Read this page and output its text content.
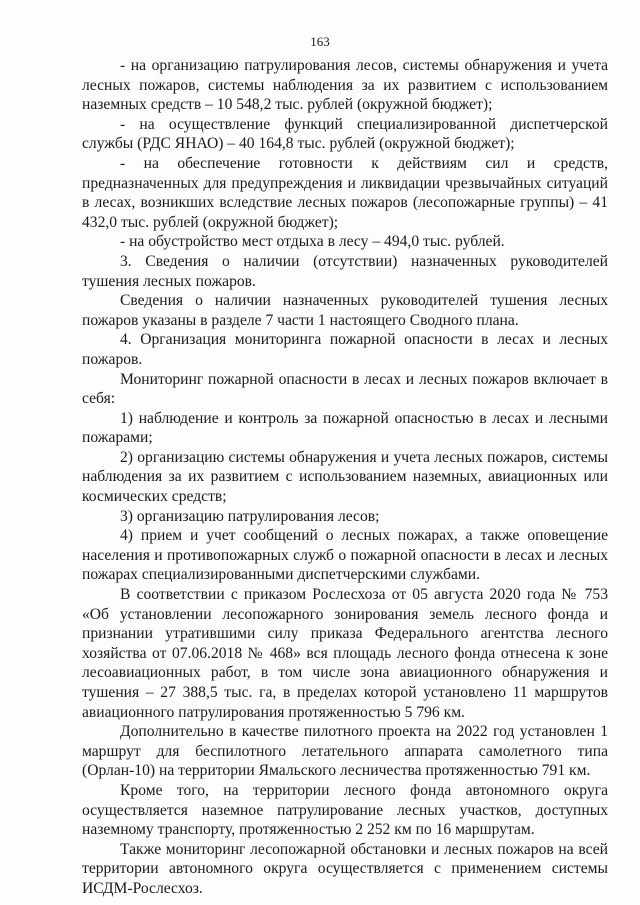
163

- на организацию патрулирования лесов, системы обнаружения и учета лесных пожаров, системы наблюдения за их развитием с использованием наземных средств – 10 548,2 тыс. рублей (окружной бюджет);

- на осуществление функций специализированной диспетчерской службы (РДС ЯНАО) – 40 164,8 тыс. рублей (окружной бюджет);

- на обеспечение готовности к действиям сил и средств, предназначенных для предупреждения и ликвидации чрезвычайных ситуаций в лесах, возникших вследствие лесных пожаров (лесопожарные группы) – 41 432,0 тыс. рублей (окружной бюджет);

- на обустройство мест отдыха в лесу – 494,0 тыс. рублей.

3. Сведения о наличии (отсутствии) назначенных руководителей тушения лесных пожаров.

Сведения о наличии назначенных руководителей тушения лесных пожаров указаны в разделе 7 части 1 настоящего Сводного плана.

4. Организация мониторинга пожарной опасности в лесах и лесных пожаров.

Мониторинг пожарной опасности в лесах и лесных пожаров включает в себя:

1) наблюдение и контроль за пожарной опасностью в лесах и лесными пожарами;

2) организацию системы обнаружения и учета лесных пожаров, системы наблюдения за их развитием с использованием наземных, авиационных или космических средств;

3) организацию патрулирования лесов;

4) прием и учет сообщений о лесных пожарах, а также оповещение населения и противопожарных служб о пожарной опасности в лесах и лесных пожарах специализированными диспетчерскими службами.

В соответствии с приказом Рослесхоза от 05 августа 2020 года № 753 «Об установлении лесопожарного зонирования земель лесного фонда и признании утратившими силу приказа Федерального агентства лесного хозяйства от 07.06.2018 № 468» вся площадь лесного фонда отнесена к зоне лесоавиационных работ, в том числе зона авиационного обнаружения и тушения – 27 388,5 тыс. га, в пределах которой установлено 11 маршрутов авиационного патрулирования протяженностью 5 796 км.

Дополнительно в качестве пилотного проекта на 2022 год установлен 1 маршрут для беспилотного летательного аппарата самолетного типа (Орлан-10) на территории Ямальского лесничества протяженностью 791 км.

Кроме того, на территории лесного фонда автономного округа осуществляется наземное патрулирование лесных участков, доступных наземному транспорту, протяженностью 2 252 км по 16 маршрутам.

Также мониторинг лесопожарной обстановки и лесных пожаров на всей территории автономного округа осуществляется с применением системы ИСДМ-Рослесхоз.
